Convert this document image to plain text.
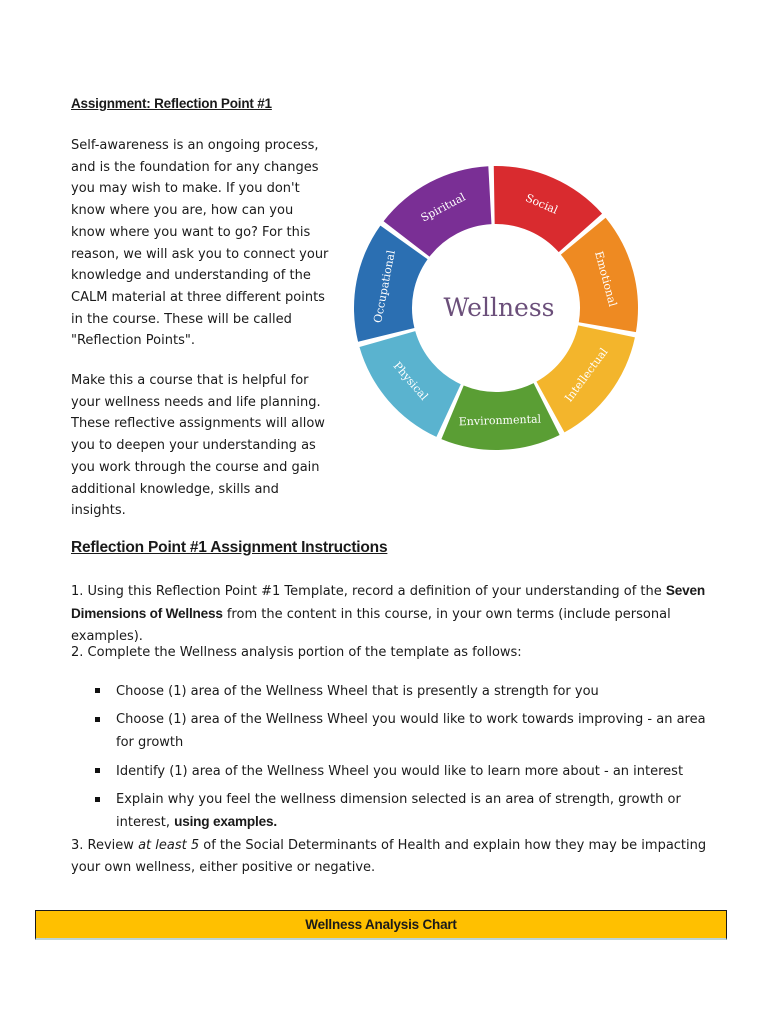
Assignment: Reflection Point #1

Self-awareness is an ongoing process, and is the foundation for any changes you may wish to make. If you don't know where you are, how can you know where you want to go? For this reason, we will ask you to connect your knowledge and understanding of the CALM material at three different points in the course. These will be called "Reflection Points".

Make this a course that is helpful for your wellness needs and life planning. These reflective assignments will allow you to deepen your understanding as you work through the course and gain additional knowledge, skills and insights.

Social
Emotional
Intellectual
Environmental
Physical
Occupational
Spiritual
Wellness

Reflection Point #1 Assignment Instructions

1. Using this Reflection Point #1 Template, record a definition of your understanding of the Seven Dimensions of Wellness from the content in this course, in your own terms (include personal examples).

2. Complete the Wellness analysis portion of the template as follows:

Choose (1) area of the Wellness Wheel that is presently a strength for you
Choose (1) area of the Wellness Wheel you would like to work towards improving - an area for growth
Identify (1) area of the Wellness Wheel you would like to learn more about - an interest
Explain why you feel the wellness dimension selected is an area of strength, growth or interest, using examples.

3. Review at least 5 of the Social Determinants of Health and explain how they may be impacting your own wellness, either positive or negative.

Wellness Analysis Chart
